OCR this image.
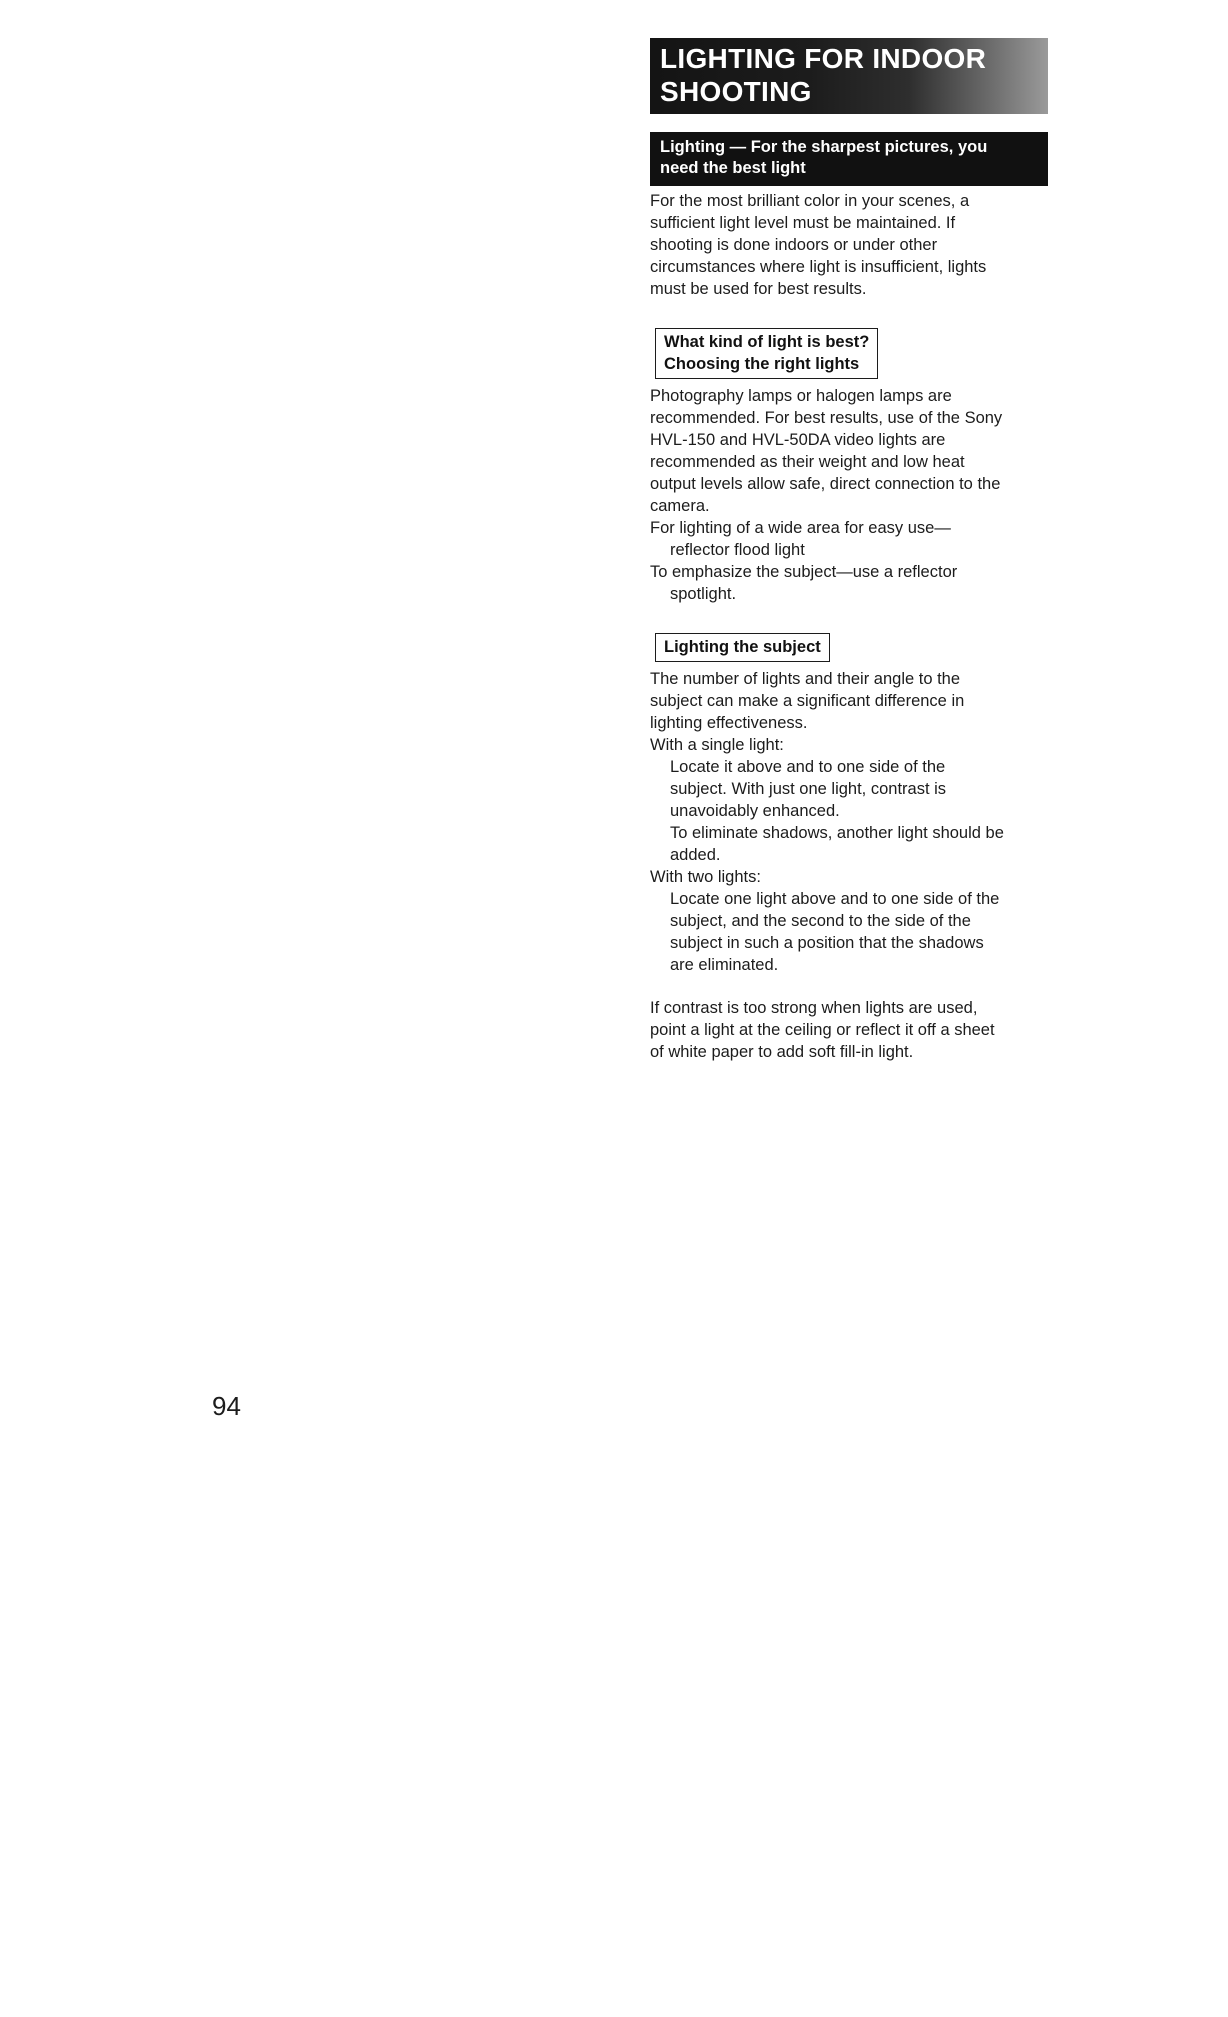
LIGHTING FOR INDOOR
SHOOTING
Lighting — For the sharpest pictures, you
need the best light
For the most brilliant color in your scenes, a
sufficient light level must be maintained. If
shooting is done indoors or under other
circumstances where light is insufficient, lights
must be used for best results.
What kind of light is best?
Choosing the right lights
Photography lamps or halogen lamps are
recommended. For best results, use of the Sony
HVL-150 and HVL-50DA video lights are
recommended as their weight and low heat
output levels allow safe, direct connection to the
camera.
For lighting of a wide area for easy use—
reflector flood light
To emphasize the subject—use a reflector
spotlight.
Lighting the subject
The number of lights and their angle to the
subject can make a significant difference in
lighting effectiveness.
With a single light:
Locate it above and to one side of the
subject. With just one light, contrast is
unavoidably enhanced.
To eliminate shadows, another light should be
added.
With two lights:
Locate one light above and to one side of the
subject, and the second to the side of the
subject in such a position that the shadows
are eliminated.
If contrast is too strong when lights are used,
point a light at the ceiling or reflect it off a sheet
of white paper to add soft fill-in light.
94
